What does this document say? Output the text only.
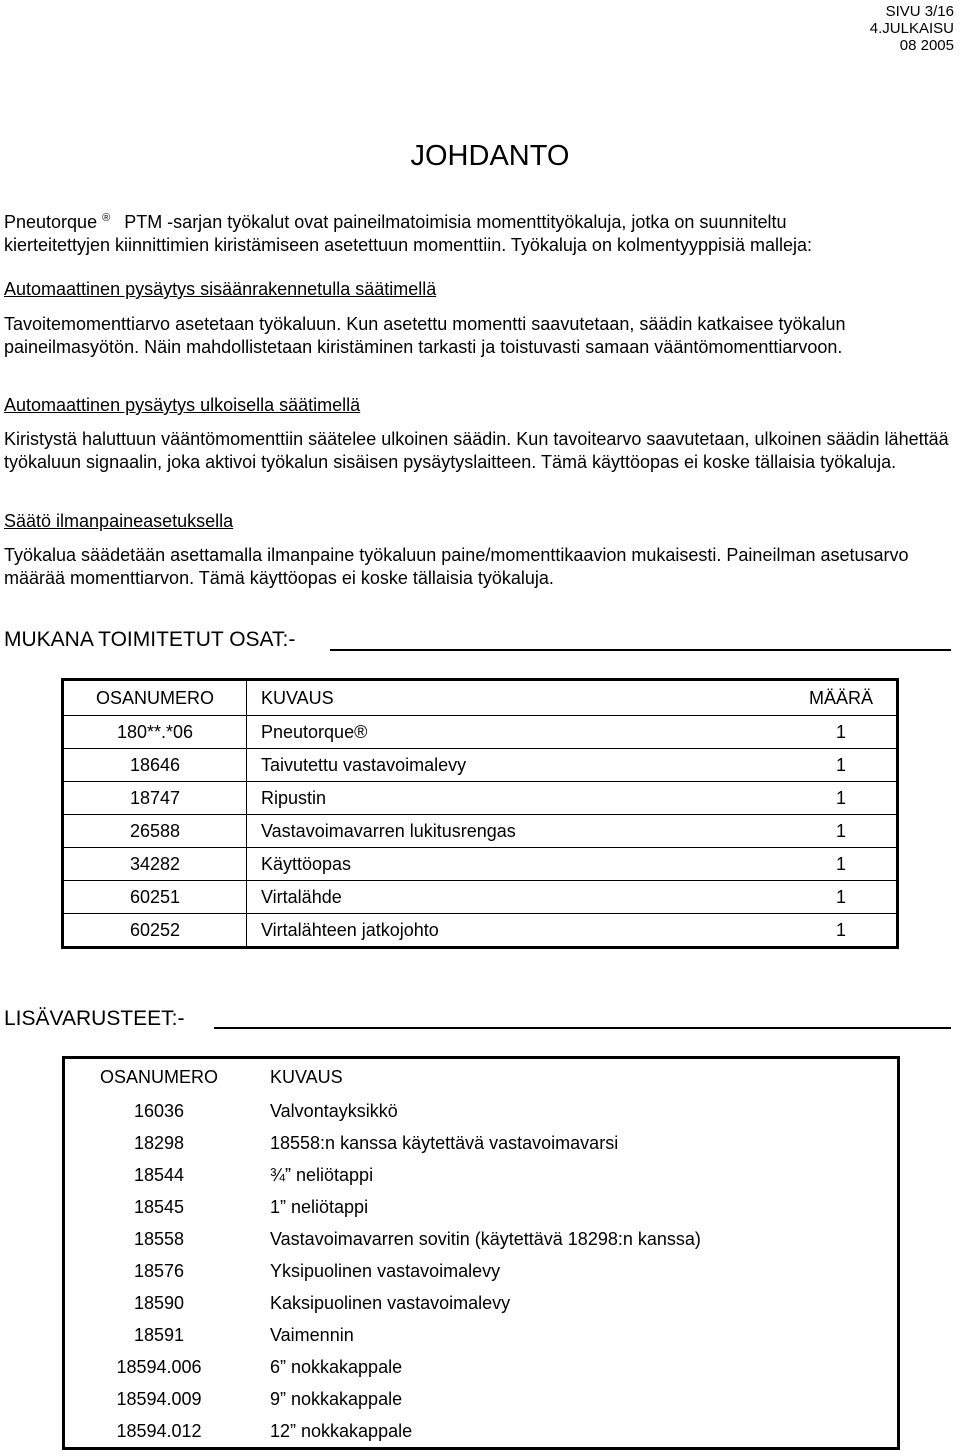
SIVU 3/16
4.JULKAISU
08 2005
JOHDANTO
Pneutorque ® PTM -sarjan työkalut ovat paineilmatoimisia momenttityökaluja, jotka on suunniteltu
kierteitettyjen kiinnittimien kiristämiseen asetettuun momenttiin. Työkaluja on kolmentyyppisiä malleja:
Automaattinen pysäytys sisäänrakennetulla säätimellä
Tavoitemomenttiarvo asetetaan työkaluun. Kun asetettu momentti saavutetaan, säädin katkaisee työkalun paineilmasyötön. Näin mahdollistetaan kiristäminen tarkasti ja toistuvasti samaan vääntömomenttiarvoon.
Automaattinen pysäytys ulkoisella säätimellä
Kiristystä haluttuun vääntömomenttiin säätelee ulkoinen säädin. Kun tavoitearvo saavutetaan, ulkoinen säädin lähettää työkaluun signaalin, joka aktivoi työkalun sisäisen pysäytyslaitteen. Tämä käyttöopas ei koske tällaisia työkaluja.
Säätö ilmanpaineasetuksella
Työkalua säädetään asettamalla ilmanpaine työkaluun paine/momenttikaavion mukaisesti. Paineilman asetusarvo määrää momenttiarvon. Tämä käyttöopas ei koske tällaisia työkaluja.
MUKANA TOIMITETUT OSAT:-
OSANUMERO	KUVAUS	MÄÄRÄ
180**.*06	Pneutorque®	1
18646	Taivutettu vastavoimalevy	1
18747	Ripustin	1
26588	Vastavoimavarren lukitusrengas	1
34282	Käyttöopas	1
60251	Virtalähde	1
60252	Virtalähteen jatkojohto	1
LISÄVARUSTEET:-
OSANUMERO	KUVAUS
16036	Valvontayksikkö
18298	18558:n kanssa käytettävä vastavoimavarsi
18544	¾” neliötappi
18545	1” neliötappi
18558	Vastavoimavarren sovitin (käytettävä 18298:n kanssa)
18576	Yksipuolinen vastavoimalevy
18590	Kaksipuolinen vastavoimalevy
18591	Vaimennin
18594.006	6” nokkakappale
18594.009	9” nokkakappale
18594.012	12” nokkakappale
